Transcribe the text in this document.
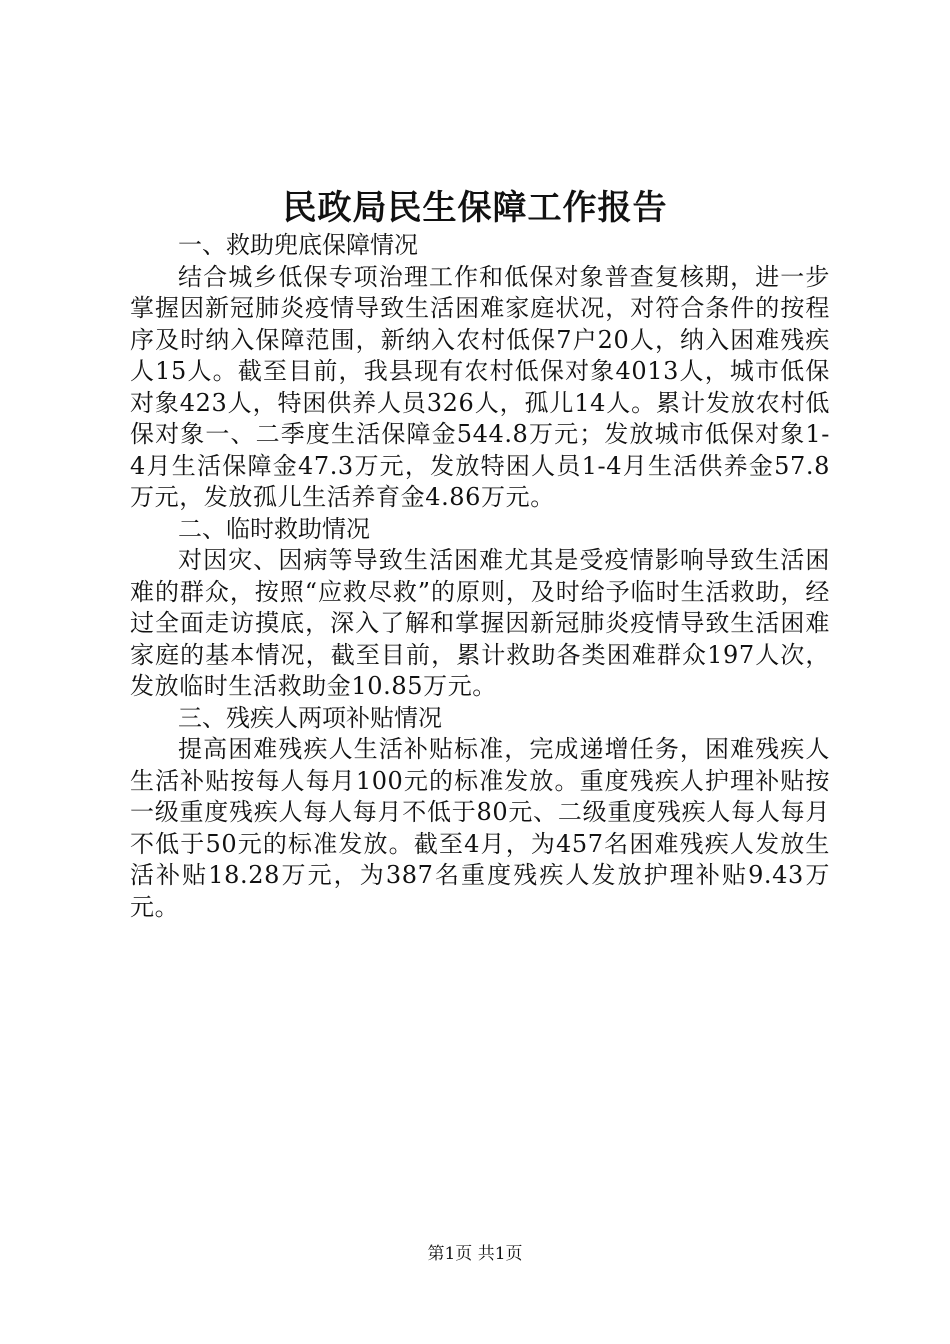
民政局民生保障工作报告

一、救助兜底保障情况

结合城乡低保专项治理工作和低保对象普查复核期，进一步掌握因新冠肺炎疫情导致生活困难家庭状况，对符合条件的按程序及时纳入保障范围，新纳入农村低保7户20人，纳入困难残疾人15人。截至目前，我县现有农村低保对象4013人，城市低保对象423人，特困供养人员326人，孤儿14人。累计发放农村低保对象一、二季度生活保障金544.8万元；发放城市低保对象1-4月生活保障金47.3万元，发放特困人员1-4月生活供养金57.8万元，发放孤儿生活养育金4.86万元。

二、临时救助情况

对因灾、因病等导致生活困难尤其是受疫情影响导致生活困难的群众，按照“应救尽救”的原则，及时给予临时生活救助，经过全面走访摸底，深入了解和掌握因新冠肺炎疫情导致生活困难家庭的基本情况，截至目前，累计救助各类困难群众197人次，发放临时生活救助金10.85万元。

三、残疾人两项补贴情况

提高困难残疾人生活补贴标准，完成递增任务，困难残疾人生活补贴按每人每月100元的标准发放。重度残疾人护理补贴按一级重度残疾人每人每月不低于80元、二级重度残疾人每人每月不低于50元的标准发放。截至4月，为457名困难残疾人发放生活补贴18.28万元，为387名重度残疾人发放护理补贴9.43万元。

第1页 共1页
